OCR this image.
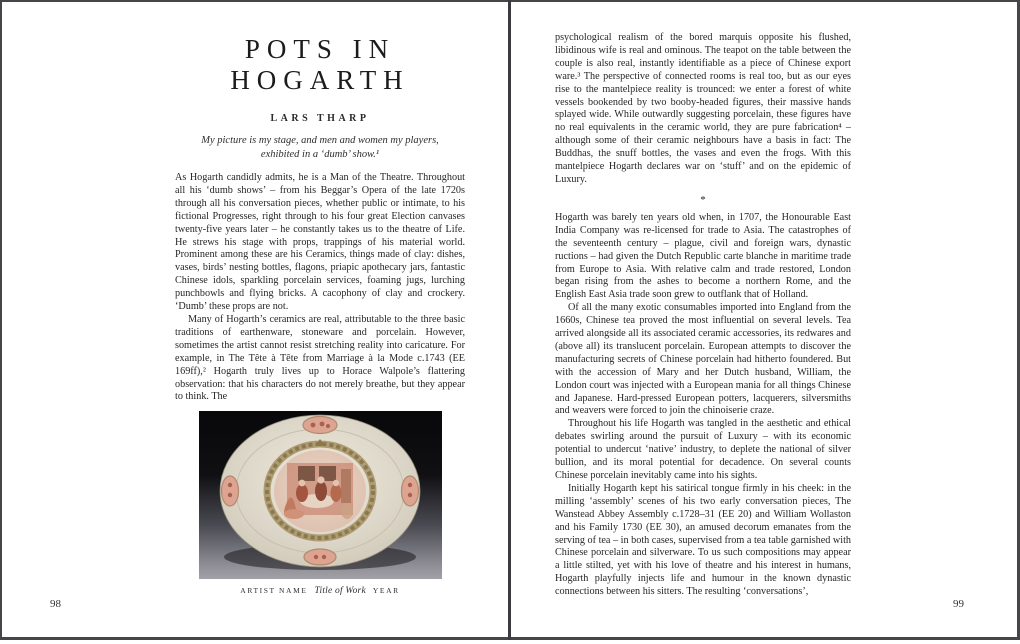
POTS IN
HOGARTH
LARS THARP
My picture is my stage, and men and women my players,
exhibited in a ‘dumb’ show.¹

As Hogarth candidly admits, he is a Man of the Theatre. Throughout all his ‘dumb shows’ – from his Beggar’s Opera of the late 1720s through all his conversation pieces, whether public or intimate, to his fictional Progresses, right through to his four great Election canvases twenty-five years later – he constantly takes us to the theatre of Life. He strews his stage with props, trappings of his material world. Prominent among these are his Ceramics, things made of clay: dishes, vases, birds’ nesting bottles, flagons, priapic apothecary jars, fantastic Chinese idols, sparkling porcelain services, foaming jugs, lurching punchbowls and flying bricks. A cacophony of clay and crockery. ‘Dumb’ these props are not.

Many of Hogarth’s ceramics are real, attributable to the three basic traditions of earthenware, stoneware and porcelain. However, sometimes the artist cannot resist stretching reality into caricature. For example, in The Tête à Tête from Marriage à la Mode c.1743 (EE 169ff),² Hogarth truly lives up to Horace Walpole’s flattering observation: that his characters do not merely breathe, but they appear to think. The

ARTIST NAME Title of Work YEAR

psychological realism of the bored marquis opposite his flushed, libidinous wife is real and ominous. The teapot on the table between the couple is also real, instantly identifiable as a piece of Chinese export ware.³ The perspective of connected rooms is real too, but as our eyes rise to the mantelpiece reality is trounced: we enter a forest of white vessels bookended by two booby-headed figures, their massive hands splayed wide. While outwardly suggesting porcelain, these figures have no real equivalents in the ceramic world, they are pure fabrication⁴ – although some of their ceramic neighbours have a basis in fact: The Buddhas, the snuff bottles, the vases and even the frogs. With this mantelpiece Hogarth declares war on ‘stuff’ and on the epidemic of Luxury.

*

Hogarth was barely ten years old when, in 1707, the Honourable East India Company was re-licensed for trade to Asia. The catastrophes of the seventeenth century – plague, civil and foreign wars, dynastic ructions – had given the Dutch Republic carte blanche in maritime trade from Europe to Asia. With relative calm and trade restored, London began rising from the ashes to become a northern Rome, and the English East Asia trade soon grew to outflank that of Holland.

Of all the many exotic consumables imported into England from the 1660s, Chinese tea proved the most influential on several levels. Tea arrived alongside all its associated ceramic accessories, its redwares and (above all) its translucent porcelain. European attempts to discover the manufacturing secrets of Chinese porcelain had hitherto foundered. But with the accession of Mary and her Dutch husband, William, the London court was injected with a European mania for all things Chinese and Japanese. Hard-pressed European potters, lacquerers, silversmiths and weavers were forced to join the chinoiserie craze.

Throughout his life Hogarth was tangled in the aesthetic and ethical debates swirling around the pursuit of Luxury – with its economic potential to undercut ‘native’ industry, to deplete the national of silver bullion, and its moral potential for decadence. On several counts Chinese porcelain inevitably came into his sights.

Initially Hogarth kept his satirical tongue firmly in his cheek: in the milling ‘assembly’ scenes of his two early conversation pieces, The Wanstead Abbey Assembly c.1728–31 (EE 20) and William Wollaston and his Family 1730 (EE 30), an amused decorum emanates from the serving of tea – in both cases, supervised from a tea table garnished with Chinese porcelain and silverware. To us such compositions may appear a little stilted, yet with his love of theatre and his interest in humans, Hogarth playfully injects life and humour in the known dynastic connections between his sitters. The resulting ‘conversations’,

98	99
